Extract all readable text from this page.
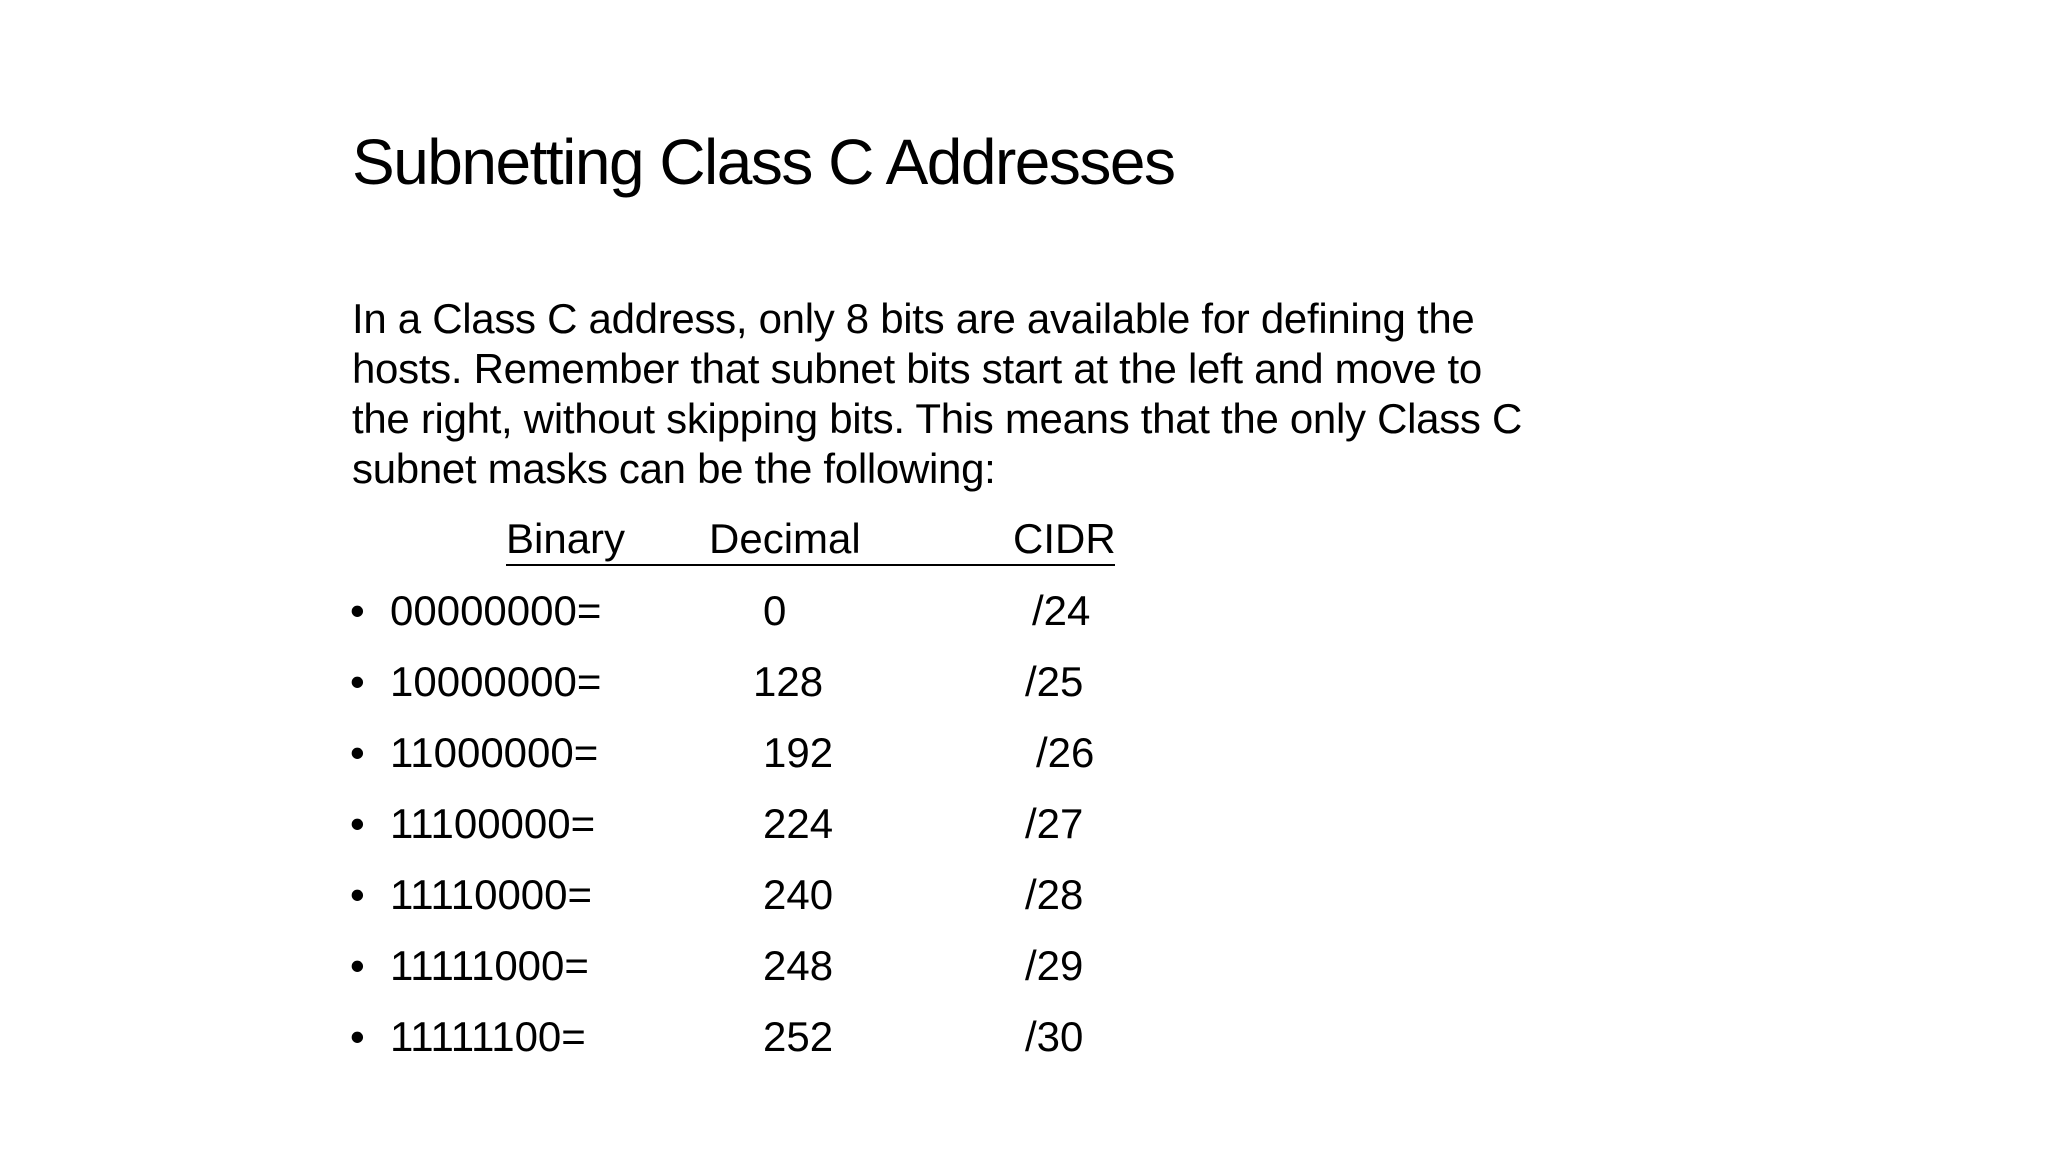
Subnetting Class C Addresses
In a Class C address, only 8 bits are available for defining the
hosts. Remember that subnet bits start at the left and move to
the right, without skipping bits. This means that the only Class C
subnet masks can be the following:
Binary Decimal	CIDR
• 00000000=	0	/24
• 10000000=	128	/25
• 11000000=	192	/26
• 11100000=	224	/27
• 11110000=	240	/28
• 11111000=	248	/29
• 11111100=	252	/30
